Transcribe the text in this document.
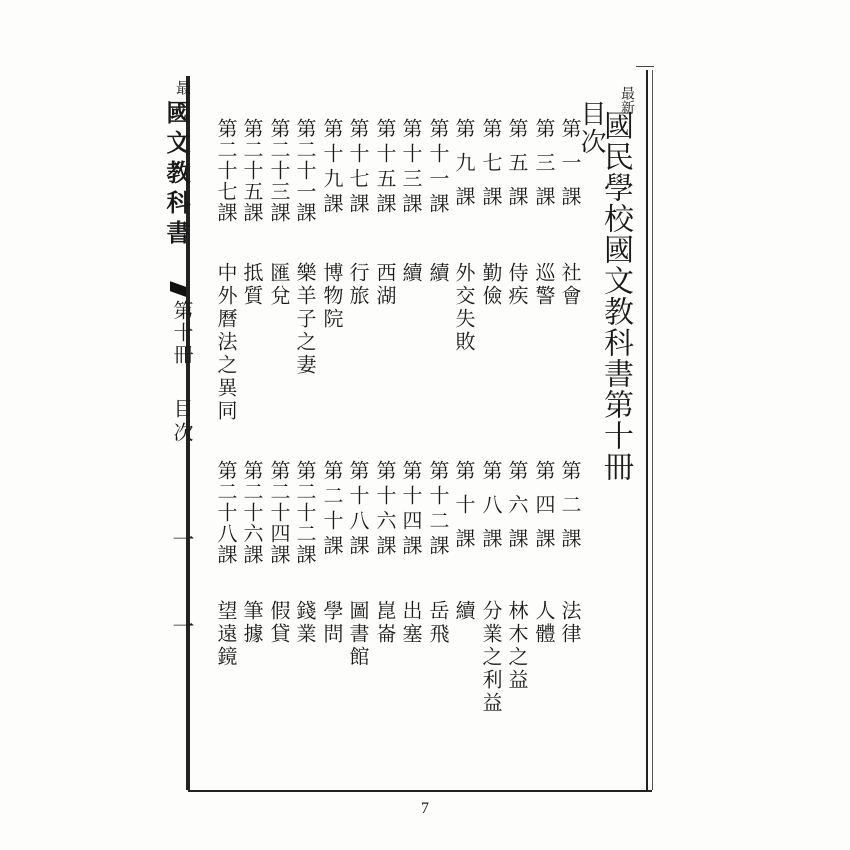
最
國文教科書
第十冊
目次
一
一
最新
國民學校國文教科書第十冊
目次
第一課
社會
第三課
巡警
第五課
侍疾
第七課
勤儉
第九課
外交失敗
第十一課
續
第十三課
續
第十五課
西湖
第十七課
行旅
第十九課
博物院
第二十一課
樂羊子之妻
第二十三課
匯兌
第二十五課
抵質
第二十七課
中外曆法之異同
第二課
法律
第四課
人體
第六課
林木之益
第八課
分業之利益
第十課
續
第十二課
岳飛
第十四課
出塞
第十六課
崑崙
第十八課
圖書館
第二十課
學問
第二十二課
錢業
第二十四課
假貸
第二十六課
筆據
第二十八課
望遠鏡
7
